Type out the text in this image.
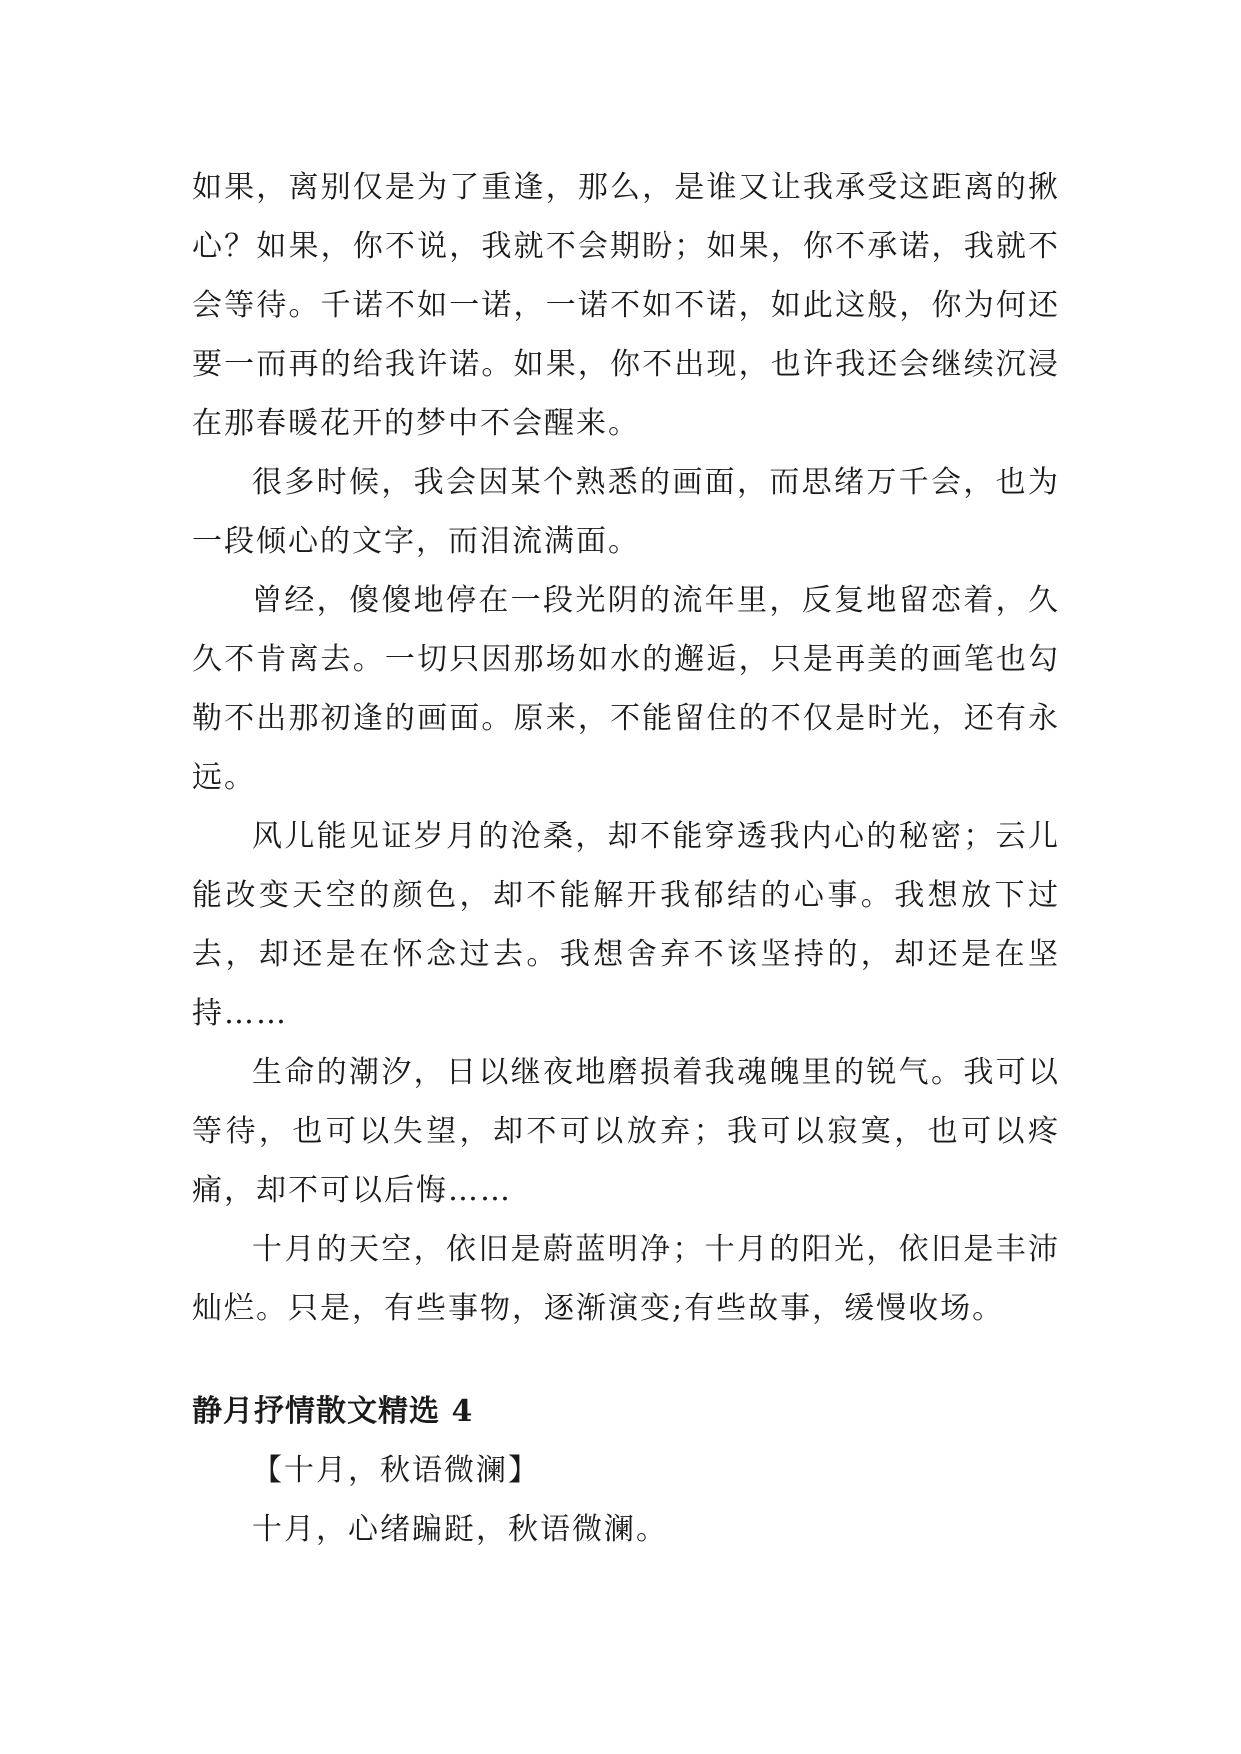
如果，离别仅是为了重逢，那么，是谁又让我承受这距离的揪心？如果，你不说，我就不会期盼；如果，你不承诺，我就不会等待。千诺不如一诺，一诺不如不诺，如此这般，你为何还要一而再的给我许诺。如果，你不出现，也许我还会继续沉浸在那春暖花开的梦中不会醒来。

很多时候，我会因某个熟悉的画面，而思绪万千会，也为一段倾心的文字，而泪流满面。

曾经，傻傻地停在一段光阴的流年里，反复地留恋着，久久不肯离去。一切只因那场如水的邂逅，只是再美的画笔也勾勒不出那初逢的画面。原来，不能留住的不仅是时光，还有永远。

风儿能见证岁月的沧桑，却不能穿透我内心的秘密；云儿能改变天空的颜色，却不能解开我郁结的心事。我想放下过去，却还是在怀念过去。我想舍弃不该坚持的，却还是在坚持……

生命的潮汐，日以继夜地磨损着我魂魄里的锐气。我可以等待，也可以失望，却不可以放弃；我可以寂寞，也可以疼痛，却不可以后悔……

十月的天空，依旧是蔚蓝明净；十月的阳光，依旧是丰沛灿烂。只是，有些事物，逐渐演变;有些故事，缓慢收场。

静月抒情散文精选 4

【十月，秋语微澜】

十月，心绪蹁跹，秋语微澜。
